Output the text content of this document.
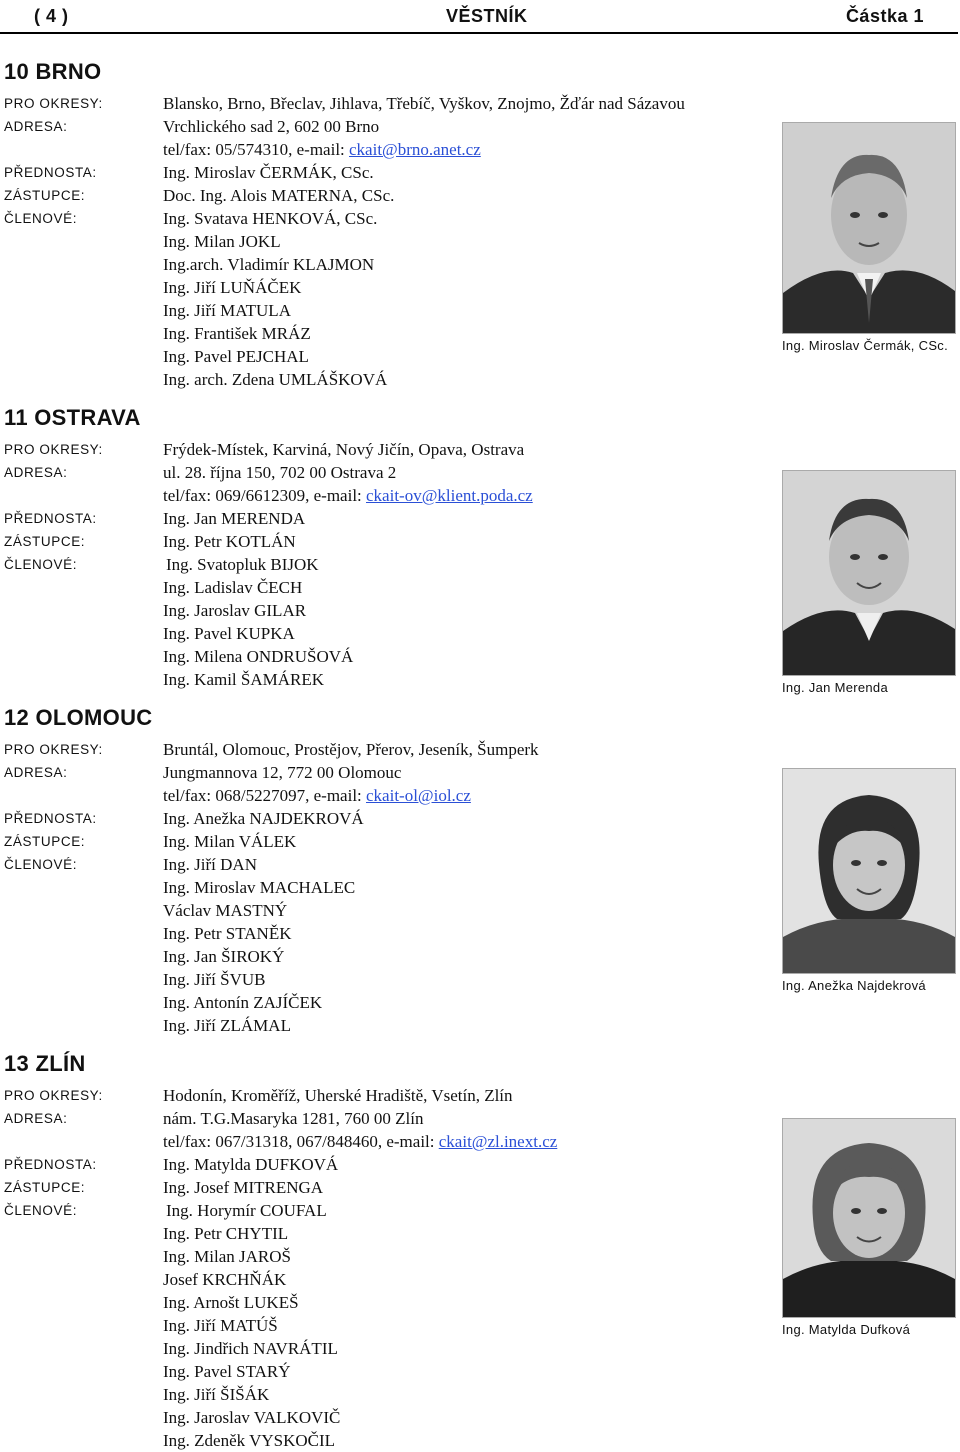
( 4 )	VĚSTNÍK	Částka 1
10 BRNO
PRO OKRESY:	Blansko, Brno, Břeclav, Jihlava, Třebíč, Vyškov, Znojmo, Žďár nad Sázavou
ADRESA:	Vrchlického sad 2, 602 00 Brno
tel/fax: 05/574310, e-mail: ckait@brno.anet.cz
PŘEDNOSTA:	Ing. Miroslav ČERMÁK, CSc.
ZÁSTUPCE:	Doc. Ing. Alois MATERNA, CSc.
ČLENOVÉ:	Ing. Svatava HENKOVÁ, CSc.
Ing. Milan JOKL
Ing.arch. Vladimír KLAJMON
Ing. Jiří LUŇÁČEK
Ing. Jiří MATULA
Ing. František MRÁZ
Ing. Pavel PEJCHAL
Ing. arch. Zdena UMLÁŠKOVÁ
11 OSTRAVA
PRO OKRESY:	Frýdek-Místek, Karviná, Nový Jičín, Opava, Ostrava
ADRESA:	ul. 28. října 150, 702 00 Ostrava 2
tel/fax: 069/6612309, e-mail: ckait-ov@klient.poda.cz
PŘEDNOSTA:	Ing. Jan MERENDA
ZÁSTUPCE:	Ing. Petr KOTLÁN
ČLENOVÉ:	Ing. Svatopluk BIJOK
Ing. Ladislav ČECH
Ing. Jaroslav GILAR
Ing. Pavel KUPKA
Ing. Milena ONDRUŠOVÁ
Ing. Kamil ŠAMÁREK
12 OLOMOUC
PRO OKRESY:	Bruntál, Olomouc, Prostějov, Přerov, Jeseník, Šumperk
ADRESA:	Jungmannova 12, 772 00 Olomouc
tel/fax: 068/5227097, e-mail: ckait-ol@iol.cz
PŘEDNOSTA:	Ing. Anežka NAJDEKROVÁ
ZÁSTUPCE:	Ing. Milan VÁLEK
ČLENOVÉ:	Ing. Jiří DAN
Ing. Miroslav MACHALEC
Václav MASTNÝ
Ing. Petr STANĚK
Ing. Jan ŠIROKÝ
Ing. Jiří ŠVUB
Ing. Antonín ZAJÍČEK
Ing. Jiří ZLÁMAL
13 ZLÍN
PRO OKRESY:	Hodonín, Kroměříž, Uherské Hradiště, Vsetín, Zlín
ADRESA:	nám. T.G.Masaryka 1281, 760 00 Zlín
tel/fax: 067/31318, 067/848460, e-mail: ckait@zl.inext.cz
PŘEDNOSTA:	Ing. Matylda DUFKOVÁ
ZÁSTUPCE:	Ing. Josef MITRENGA
ČLENOVÉ:	Ing. Horymír COUFAL
Ing. Petr CHYTIL
Ing. Milan JAROŠ
Josef KRCHŇÁK
Ing. Arnošt LUKEŠ
Ing. Jiří MATÚŠ
Ing. Jindřich NAVRÁTIL
Ing. Pavel STARÝ
Ing. Jiří ŠIŠÁK
Ing. Jaroslav VALKOVIČ
Ing. Zdeněk VYSKOČIL
Ing. Miroslav Čermák, CSc.
Ing. Jan Merenda
Ing. Anežka Najdekrová
Ing. Matylda Dufková
